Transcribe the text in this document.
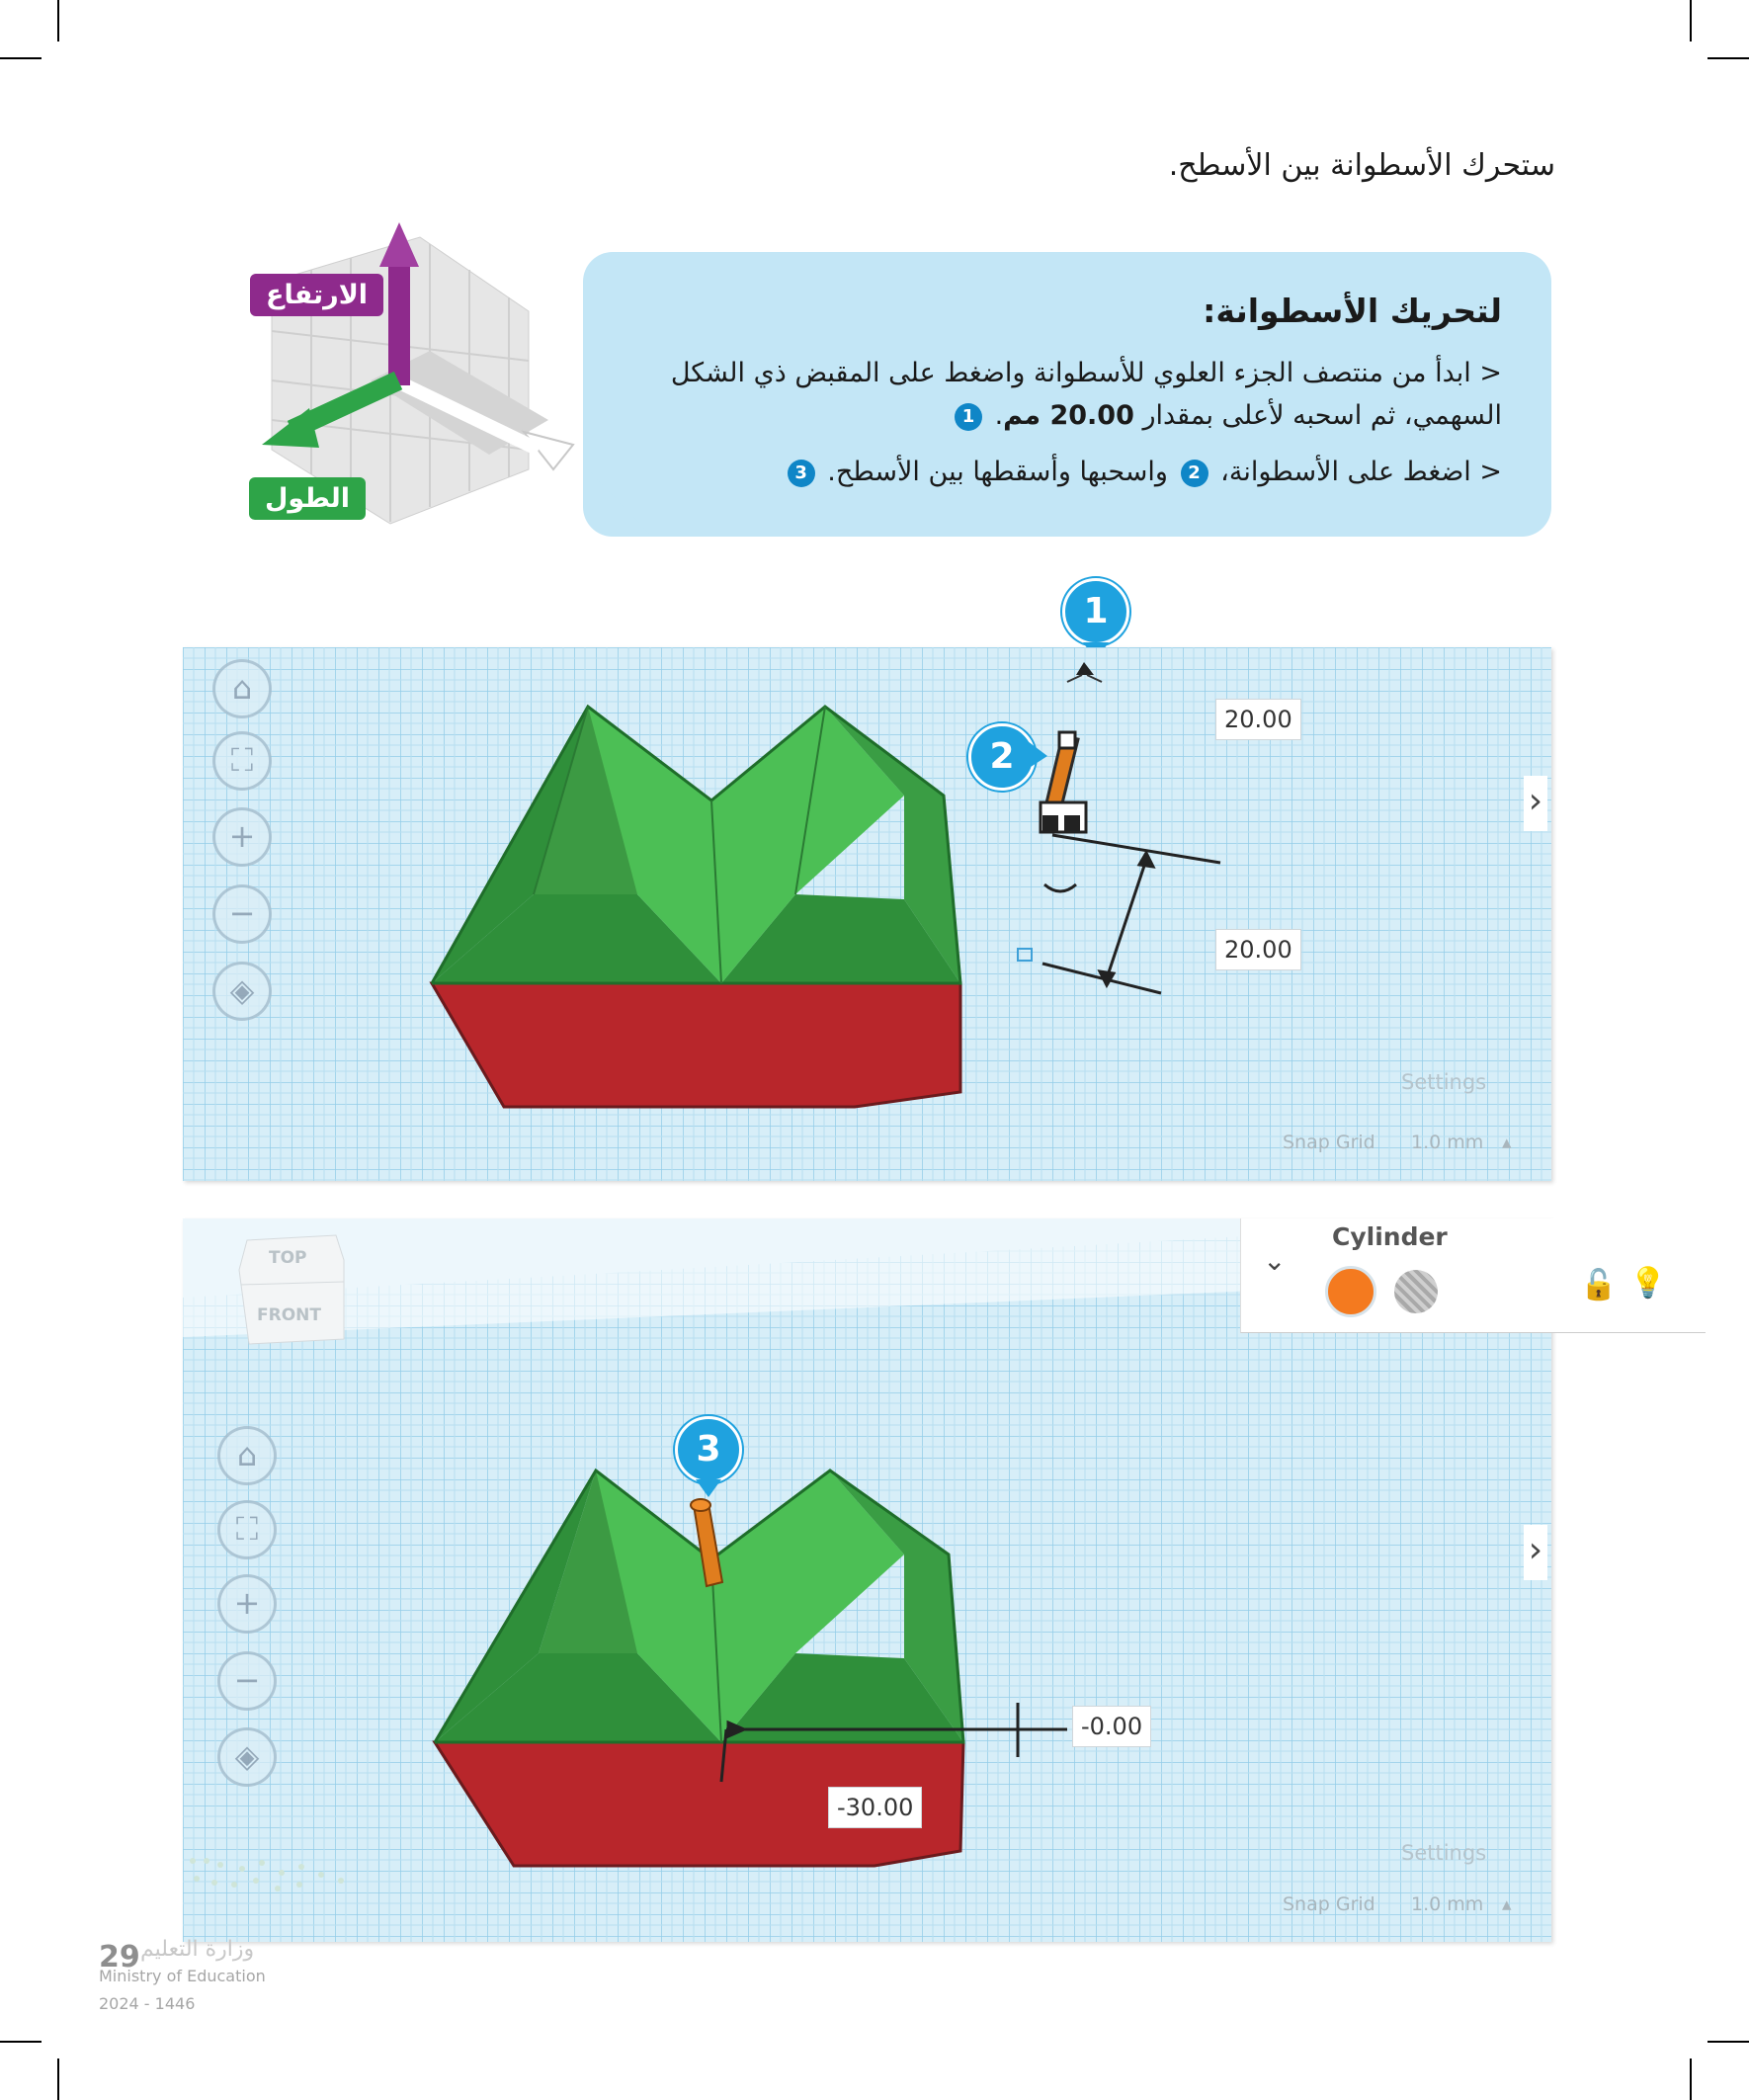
ستحرك الأسطوانة بين الأسطح.
الارتفاع
الطول
لتحريك الأسطوانة:
< ابدأ من منتصف الجزء العلوي للأسطوانة واضغط على المقبض ذي الشكل السهمي، ثم اسحبه لأعلى بمقدار 20.00 مم. 1
< اضغط على الأسطوانة، 2 واسحبها وأسقطها بين الأسطح. 3
1
⌂
⛶
+
−
◈
20.00
20.00
›
Settings
Snap Grid 1.0 mm ▴
2
TOP
FRONT
⌄
Cylinder
🔓 💡
⌂
⛶
+
−
◈
-0.00
-30.00
›
Settings
Snap Grid 1.0 mm ▴
3
وزارة التعليم
29
Ministry of Education
2024 - 1446
